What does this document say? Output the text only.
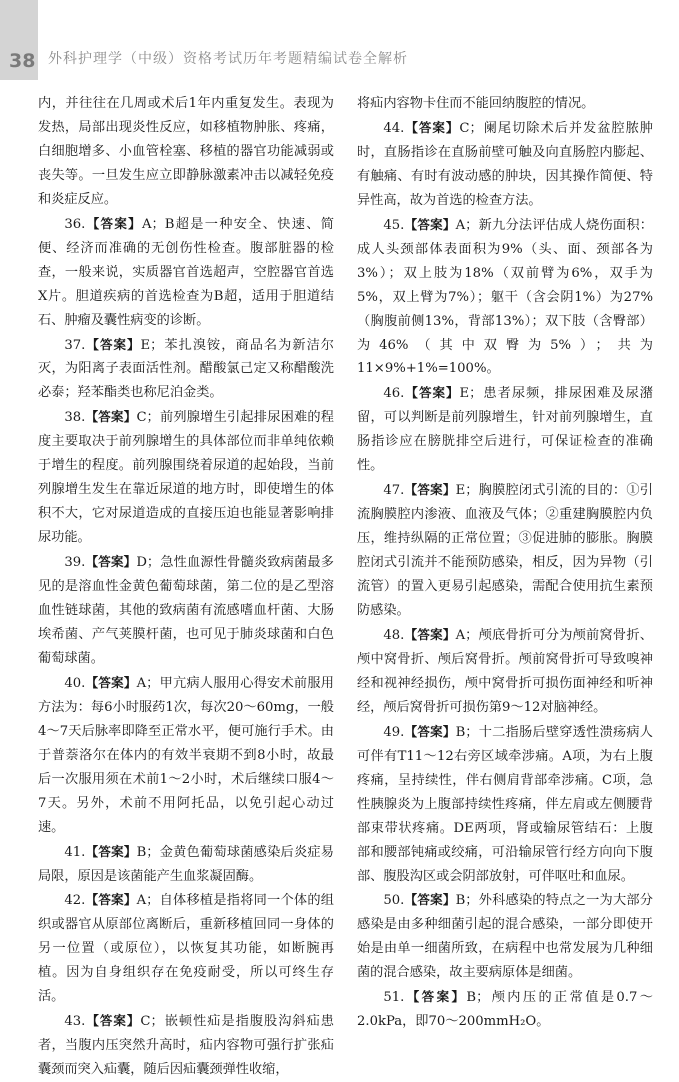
38 外科护理学（中级）资格考试历年考题精编试卷全解析

内，并往往在几周或术后1年内重复发生。表现为发热，局部出现炎性反应，如移植物肿胀、疼痛，白细胞增多、小血管栓塞、移植的器官功能减弱或丧失等。一旦发生应立即静脉激素冲击以减轻免疫和炎症反应。

36.【答案】A；B超是一种安全、快速、简便、经济而准确的无创伤性检查。腹部脏器的检查，一般来说，实质器官首选超声，空腔器官首选X片。胆道疾病的首选检查为B超，适用于胆道结石、肿瘤及囊性病变的诊断。

37.【答案】E；苯扎溴铵，商品名为新洁尔灭，为阳离子表面活性剂。醋酸氯己定又称醋酸洗必泰；羟苯酯类也称尼泊金类。

38.【答案】C；前列腺增生引起排尿困难的程度主要取决于前列腺增生的具体部位而非单纯依赖于增生的程度。前列腺围绕着尿道的起始段，当前列腺增生发生在靠近尿道的地方时，即使增生的体积不大，它对尿道造成的直接压迫也能显著影响排尿功能。

39.【答案】D；急性血源性骨髓炎致病菌最多见的是溶血性金黄色葡萄球菌，第二位的是乙型溶血性链球菌，其他的致病菌有流感嗜血杆菌、大肠埃希菌、产气荚膜杆菌，也可见于肺炎球菌和白色葡萄球菌。

40.【答案】A；甲亢病人服用心得安术前服用方法为：每6小时服药1次，每次20～60mg，一般4～7天后脉率即降至正常水平，便可施行手术。由于普萘洛尔在体内的有效半衰期不到8小时，故最后一次服用须在术前1～2小时，术后继续口服4～7天。另外，术前不用阿托品，以免引起心动过速。

41.【答案】B；金黄色葡萄球菌感染后炎症易局限，原因是该菌能产生血浆凝固酶。

42.【答案】A；自体移植是指将同一个体的组织或器官从原部位离断后，重新移植回同一身体的另一位置（或原位），以恢复其功能，如断腕再植。因为自身组织存在免疫耐受，所以可终生存活。

43.【答案】C；嵌顿性疝是指腹股沟斜疝患者，当腹内压突然升高时，疝内容物可强行扩张疝囊颈而突入疝囊，随后因疝囊颈弹性收缩，

将疝内容物卡住而不能回纳腹腔的情况。

44.【答案】C；阑尾切除术后并发盆腔脓肿时，直肠指诊在直肠前壁可触及向直肠腔内膨起、有触痛、有时有波动感的肿块，因其操作简便、特异性高，故为首选的检查方法。

45.【答案】A；新九分法评估成人烧伤面积：成人头颈部体表面积为9%（头、面、颈部各为3%）；双上肢为18%（双前臂为6%，双手为5%，双上臂为7%）；躯干（含会阴1%）为27%（胸腹前侧13%，背部13%）；双下肢（含臀部）为46%（其中双臀为5%）；共为11×9%+1%=100%。

46.【答案】E；患者尿频，排尿困难及尿潴留，可以判断是前列腺增生，针对前列腺增生，直肠指诊应在膀胱排空后进行，可保证检查的准确性。

47.【答案】E；胸膜腔闭式引流的目的：①引流胸膜腔内渗液、血液及气体；②重建胸膜腔内负压，维持纵隔的正常位置；③促进肺的膨胀。胸膜腔闭式引流并不能预防感染，相反，因为异物（引流管）的置入更易引起感染，需配合使用抗生素预防感染。

48.【答案】A；颅底骨折可分为颅前窝骨折、颅中窝骨折、颅后窝骨折。颅前窝骨折可导致嗅神经和视神经损伤，颅中窝骨折可损伤面神经和听神经，颅后窝骨折可损伤第9～12对脑神经。

49.【答案】B；十二指肠后壁穿透性溃疡病人可伴有T11～12右旁区域牵涉痛。A项，为右上腹疼痛，呈持续性，伴右侧肩背部牵涉痛。C项，急性胰腺炎为上腹部持续性疼痛，伴左肩或左侧腰背部束带状疼痛。DE两项，肾或输尿管结石：上腹部和腰部钝痛或绞痛，可沿输尿管行经方向向下腹部、腹股沟区或会阴部放射，可伴呕吐和血尿。

50.【答案】B；外科感染的特点之一为大部分感染是由多种细菌引起的混合感染，一部分即使开始是由单一细菌所致，在病程中也常发展为几种细菌的混合感染，故主要病原体是细菌。

51.【答案】B；颅内压的正常值是0.7～2.0kPa，即70～200mmH₂O。
